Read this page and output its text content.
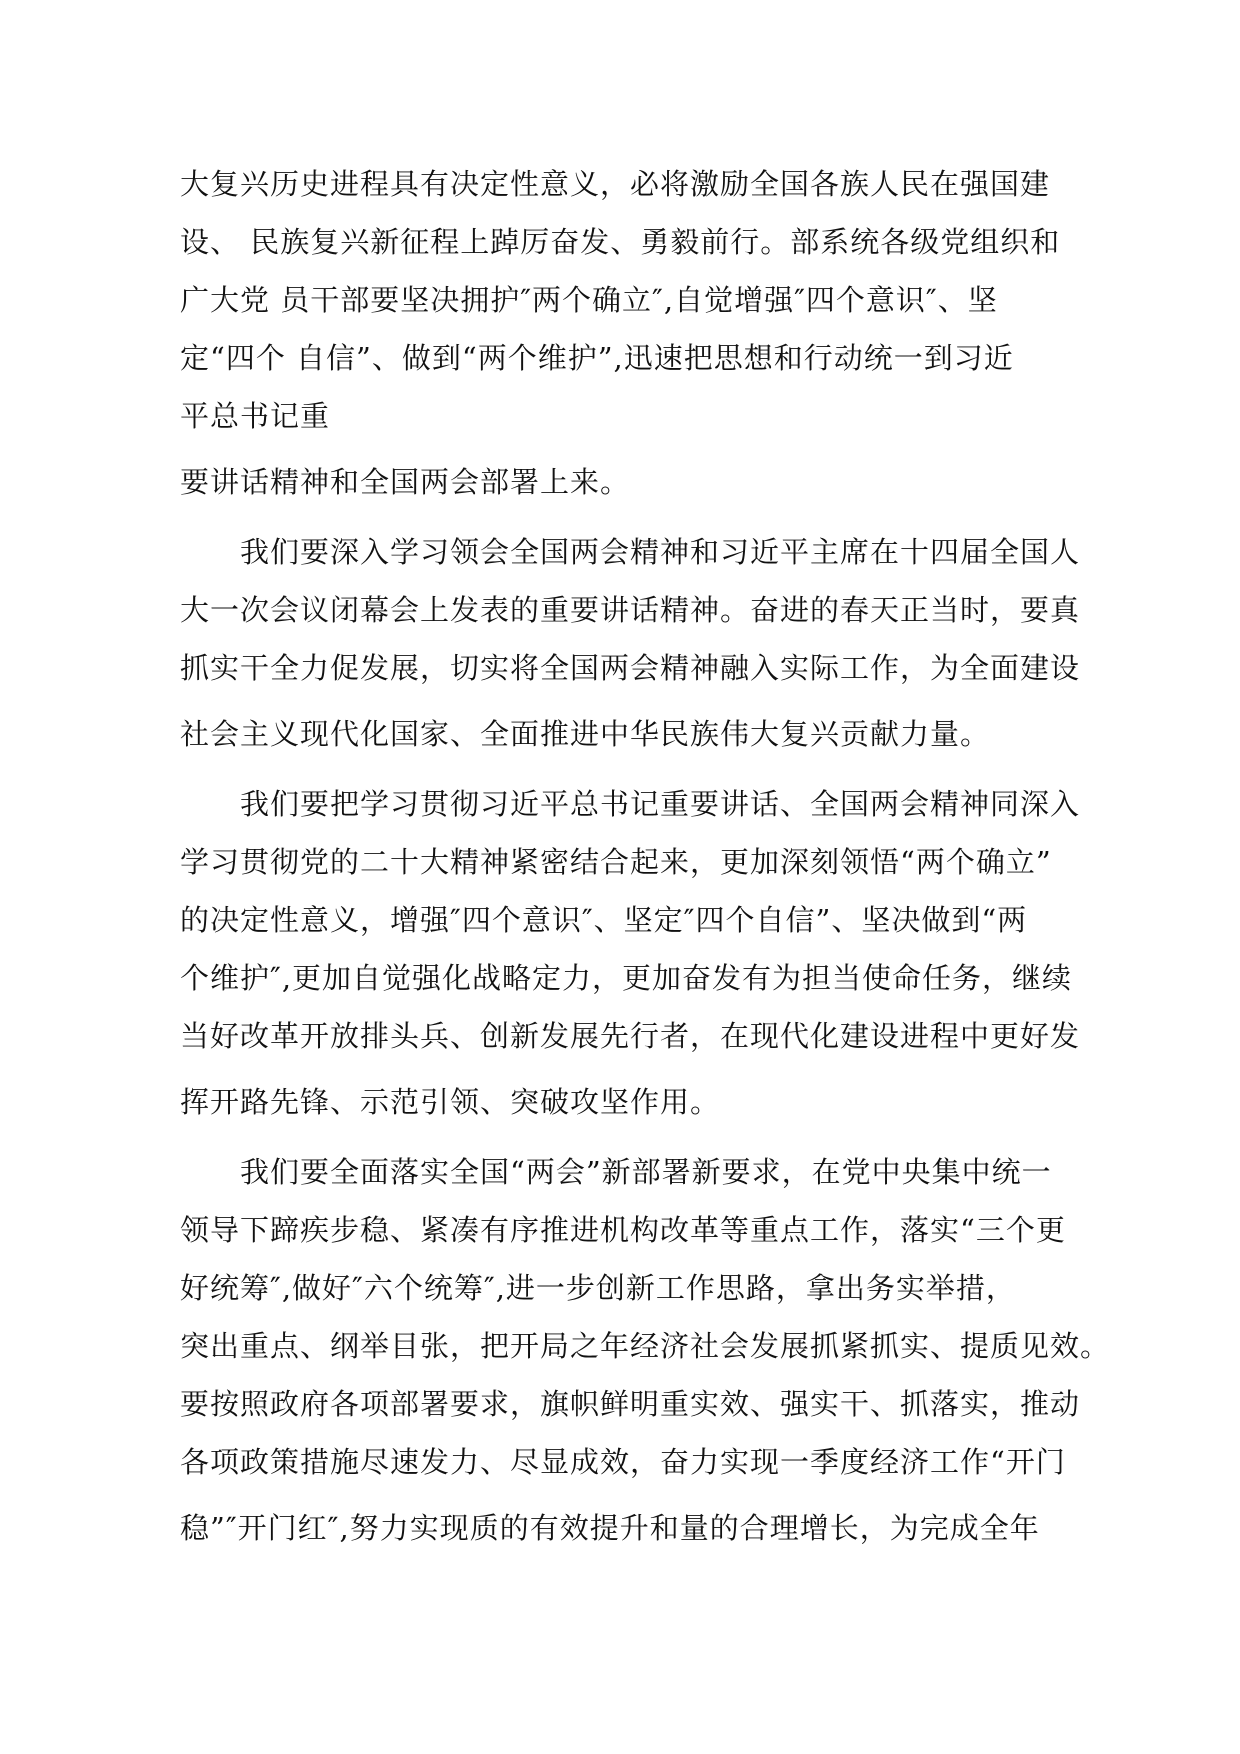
大复兴历史进程具有决定性意义，必将激励全国各族人民在强国建
设、 民族复兴新征程上踔厉奋发、勇毅前行。部系统各级党组织和
广大党 员干部要坚决拥护″两个确立″,自觉增强″四个意识″、坚
定“四个 自信”、做到“两个维护”,迅速把思想和行动统一到习近
平总书记重
要讲话精神和全国两会部署上来。
我们要深入学习领会全国两会精神和习近平主席在十四届全国人
大一次会议闭幕会上发表的重要讲话精神。奋进的春天正当时，要真
抓实干全力促发展，切实将全国两会精神融入实际工作，为全面建设
社会主义现代化国家、全面推进中华民族伟大复兴贡献力量。
我们要把学习贯彻习近平总书记重要讲话、全国两会精神同深入
学习贯彻党的二十大精神紧密结合起来，更加深刻领悟“两个确立”
的决定性意义，增强″四个意识″、坚定″四个自信”、坚决做到“两
个维护″,更加自觉强化战略定力，更加奋发有为担当使命任务，继续
当好改革开放排头兵、创新发展先行者，在现代化建设进程中更好发
挥开路先锋、示范引领、突破攻坚作用。
我们要全面落实全国“两会”新部署新要求，在党中央集中统一
领导下蹄疾步稳、紧凑有序推进机构改革等重点工作，落实“三个更
好统筹″,做好″六个统筹″,进一步创新工作思路，拿出务实举措，
突出重点、纲举目张，把开局之年经济社会发展抓紧抓实、提质见效。
要按照政府各项部署要求，旗帜鲜明重实效、强实干、抓落实，推动
各项政策措施尽速发力、尽显成效，奋力实现一季度经济工作“开门
稳”″开门红″,努力实现质的有效提升和量的合理增长，为完成全年
